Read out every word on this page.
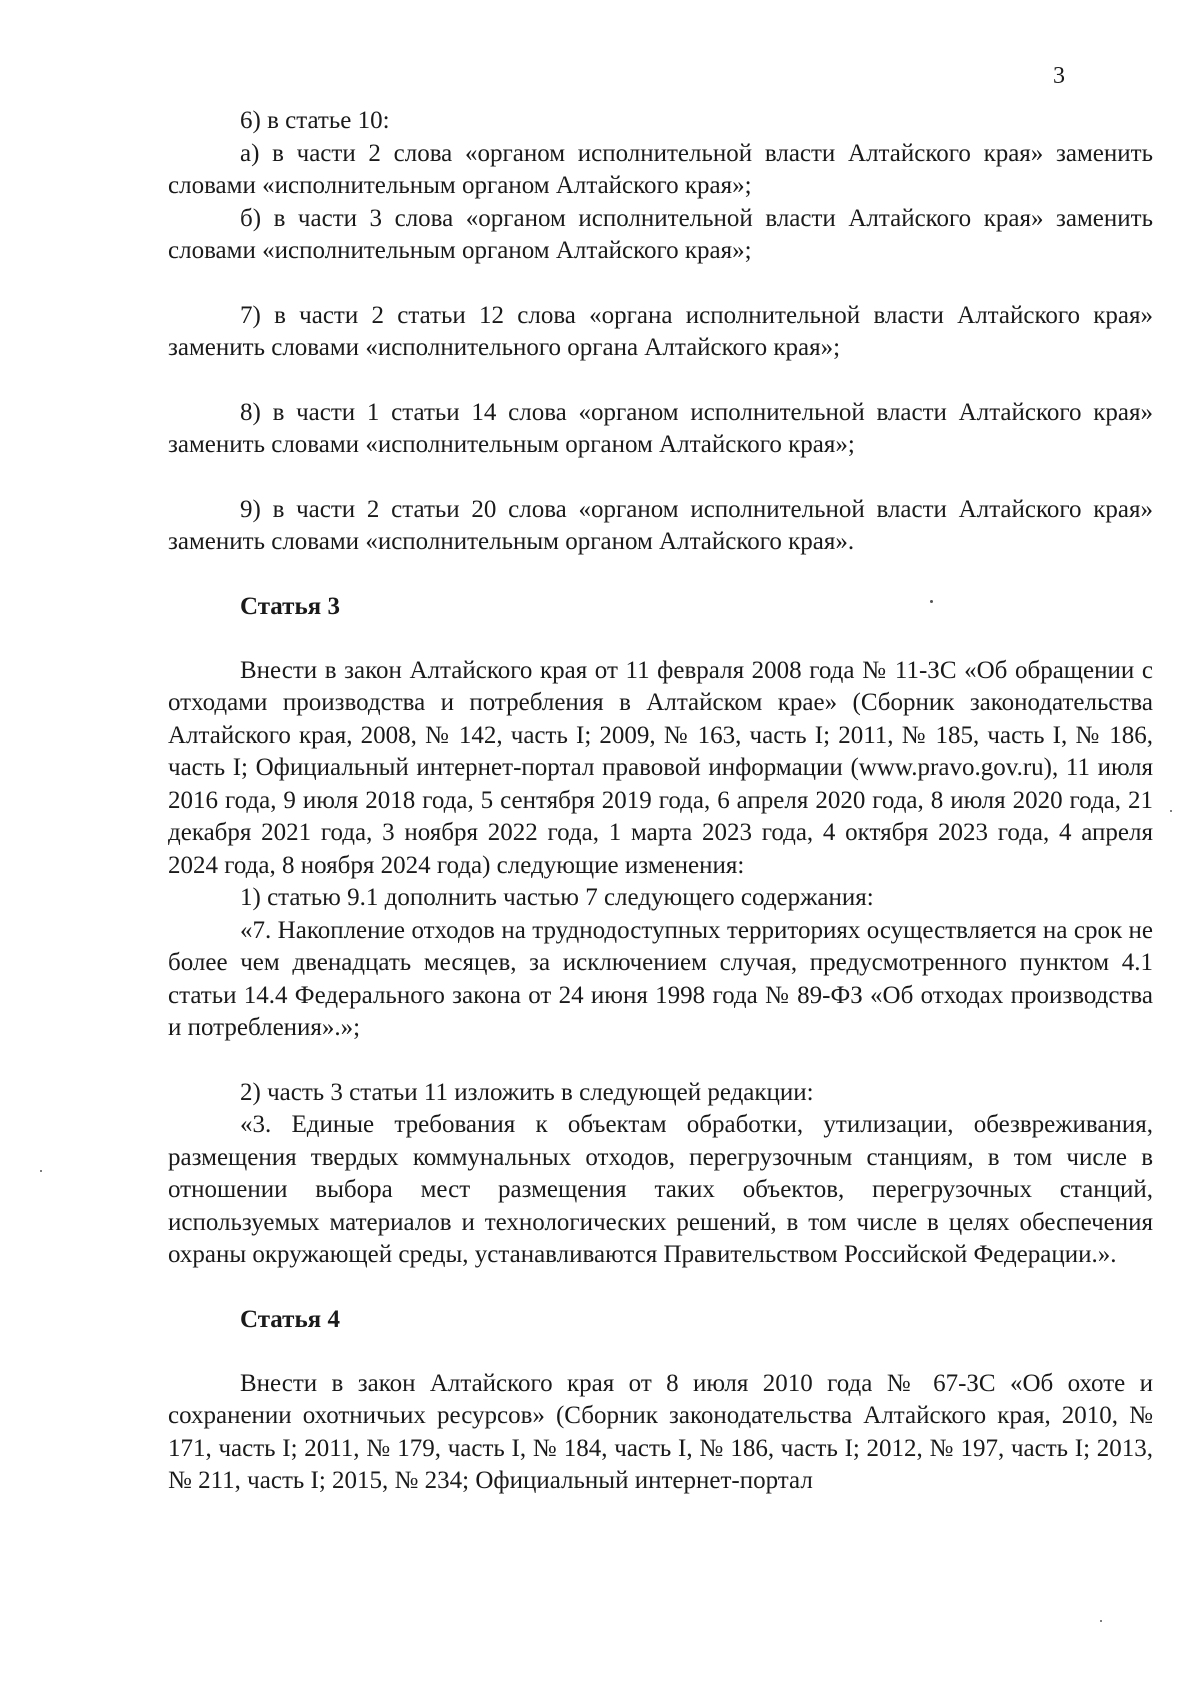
3

6) в статье 10:

а) в части 2 слова «органом исполнительной власти Алтайского края» заменить словами «исполнительным органом Алтайского края»;

б) в части 3 слова «органом исполнительной власти Алтайского края» заменить словами «исполнительным органом Алтайского края»;

7) в части 2 статьи 12 слова «органа исполнительной власти Алтайского края» заменить словами «исполнительного органа Алтайского края»;

8) в части 1 статьи 14 слова «органом исполнительной власти Алтайского края» заменить словами «исполнительным органом Алтайского края»;

9) в части 2 статьи 20 слова «органом исполнительной власти Алтайского края» заменить словами «исполнительным органом Алтайского края».

Статья 3

Внести в закон Алтайского края от 11 февраля 2008 года № 11-ЗС «Об обращении с отходами производства и потребления в Алтайском крае» (Сборник законодательства Алтайского края, 2008, № 142, часть I; 2009, № 163, часть I; 2011, № 185, часть I, № 186, часть I; Официальный интернет-портал правовой информации (www.pravo.gov.ru), 11 июля 2016 года, 9 июля 2018 года, 5 сентября 2019 года, 6 апреля 2020 года, 8 июля 2020 года, 21 декабря 2021 года, 3 ноября 2022 года, 1 марта 2023 года, 4 октября 2023 года, 4 апреля 2024 года, 8 ноября 2024 года) следующие изменения:

1) статью 9.1 дополнить частью 7 следующего содержания:

«7. Накопление отходов на труднодоступных территориях осуществляется на срок не более чем двенадцать месяцев, за исключением случая, предусмотренного пунктом 4.1 статьи 14.4 Федерального закона от 24 июня 1998 года № 89-ФЗ «Об отходах производства и потребления».»;

2) часть 3 статьи 11 изложить в следующей редакции:

«3. Единые требования к объектам обработки, утилизации, обезвреживания, размещения твердых коммунальных отходов, перегрузочным станциям, в том числе в отношении выбора мест размещения таких объектов, перегрузочных станций, используемых материалов и технологических решений, в том числе в целях обеспечения охраны окружающей среды, устанавливаются Правительством Российской Федерации.».

Статья 4

Внести в закон Алтайского края от 8 июля 2010 года № 67-ЗС «Об охоте и сохранении охотничьих ресурсов» (Сборник законодательства Алтайского края, 2010, № 171, часть I; 2011, № 179, часть I, № 184, часть I, № 186, часть I; 2012, № 197, часть I; 2013, № 211, часть I; 2015, № 234; Официальный интернет-портал
